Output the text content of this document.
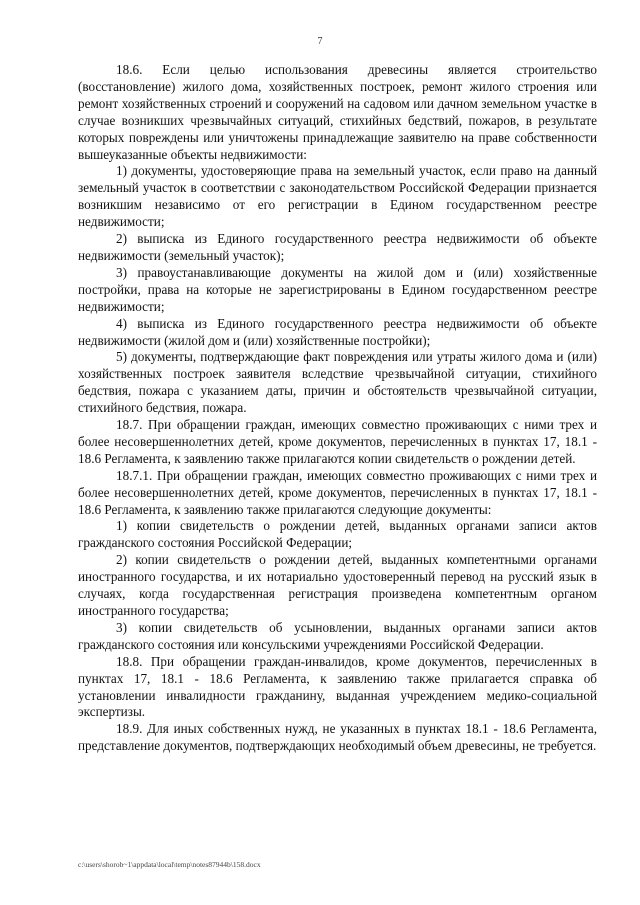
7

18.6. Если целью использования древесины является строительство (восстановление) жилого дома, хозяйственных построек, ремонт жилого строения или ремонт хозяйственных строений и сооружений на садовом или дачном земельном участке в случае возникших чрезвычайных ситуаций, стихийных бедствий, пожаров, в результате которых повреждены или уничтожены принадлежащие заявителю на праве собственности вышеуказанные объекты недвижимости:

1) документы, удостоверяющие права на земельный участок, если право на данный земельный участок в соответствии с законодательством Российской Федерации признается возникшим независимо от его регистрации в Едином государственном реестре недвижимости;

2) выписка из Единого государственного реестра недвижимости об объекте недвижимости (земельный участок);

3) правоустанавливающие документы на жилой дом и (или) хозяйственные постройки, права на которые не зарегистрированы в Едином государственном реестре недвижимости;

4) выписка из Единого государственного реестра недвижимости об объекте недвижимости (жилой дом и (или) хозяйственные постройки);

5) документы, подтверждающие факт повреждения или утраты жилого дома и (или) хозяйственных построек заявителя вследствие чрезвычайной ситуации, стихийного бедствия, пожара с указанием даты, причин и обстоятельств чрезвычайной ситуации, стихийного бедствия, пожара.

18.7. При обращении граждан, имеющих совместно проживающих с ними трех и более несовершеннолетних детей, кроме документов, перечисленных в пунктах 17, 18.1 - 18.6 Регламента, к заявлению также прилагаются копии свидетельств о рождении детей.

18.7.1. При обращении граждан, имеющих совместно проживающих с ними трех и более несовершеннолетних детей, кроме документов, перечисленных в пунктах 17, 18.1 - 18.6 Регламента, к заявлению также прилагаются следующие документы:

1) копии свидетельств о рождении детей, выданных органами записи актов гражданского состояния Российской Федерации;

2) копии свидетельств о рождении детей, выданных компетентными органами иностранного государства, и их нотариально удостоверенный перевод на русский язык в случаях, когда государственная регистрация произведена компетентным органом иностранного государства;

3) копии свидетельств об усыновлении, выданных органами записи актов гражданского состояния или консульскими учреждениями Российской Федерации.

18.8. При обращении граждан-инвалидов, кроме документов, перечисленных в пунктах 17, 18.1 - 18.6 Регламента, к заявлению также прилагается справка об установлении инвалидности гражданину, выданная учреждением медико-социальной экспертизы.

18.9. Для иных собственных нужд, не указанных в пунктах 18.1 - 18.6 Регламента, представление документов, подтверждающих необходимый объем древесины, не требуется.

c:\users\shorob~1\appdata\local\temp\notes87944b\158.docx
